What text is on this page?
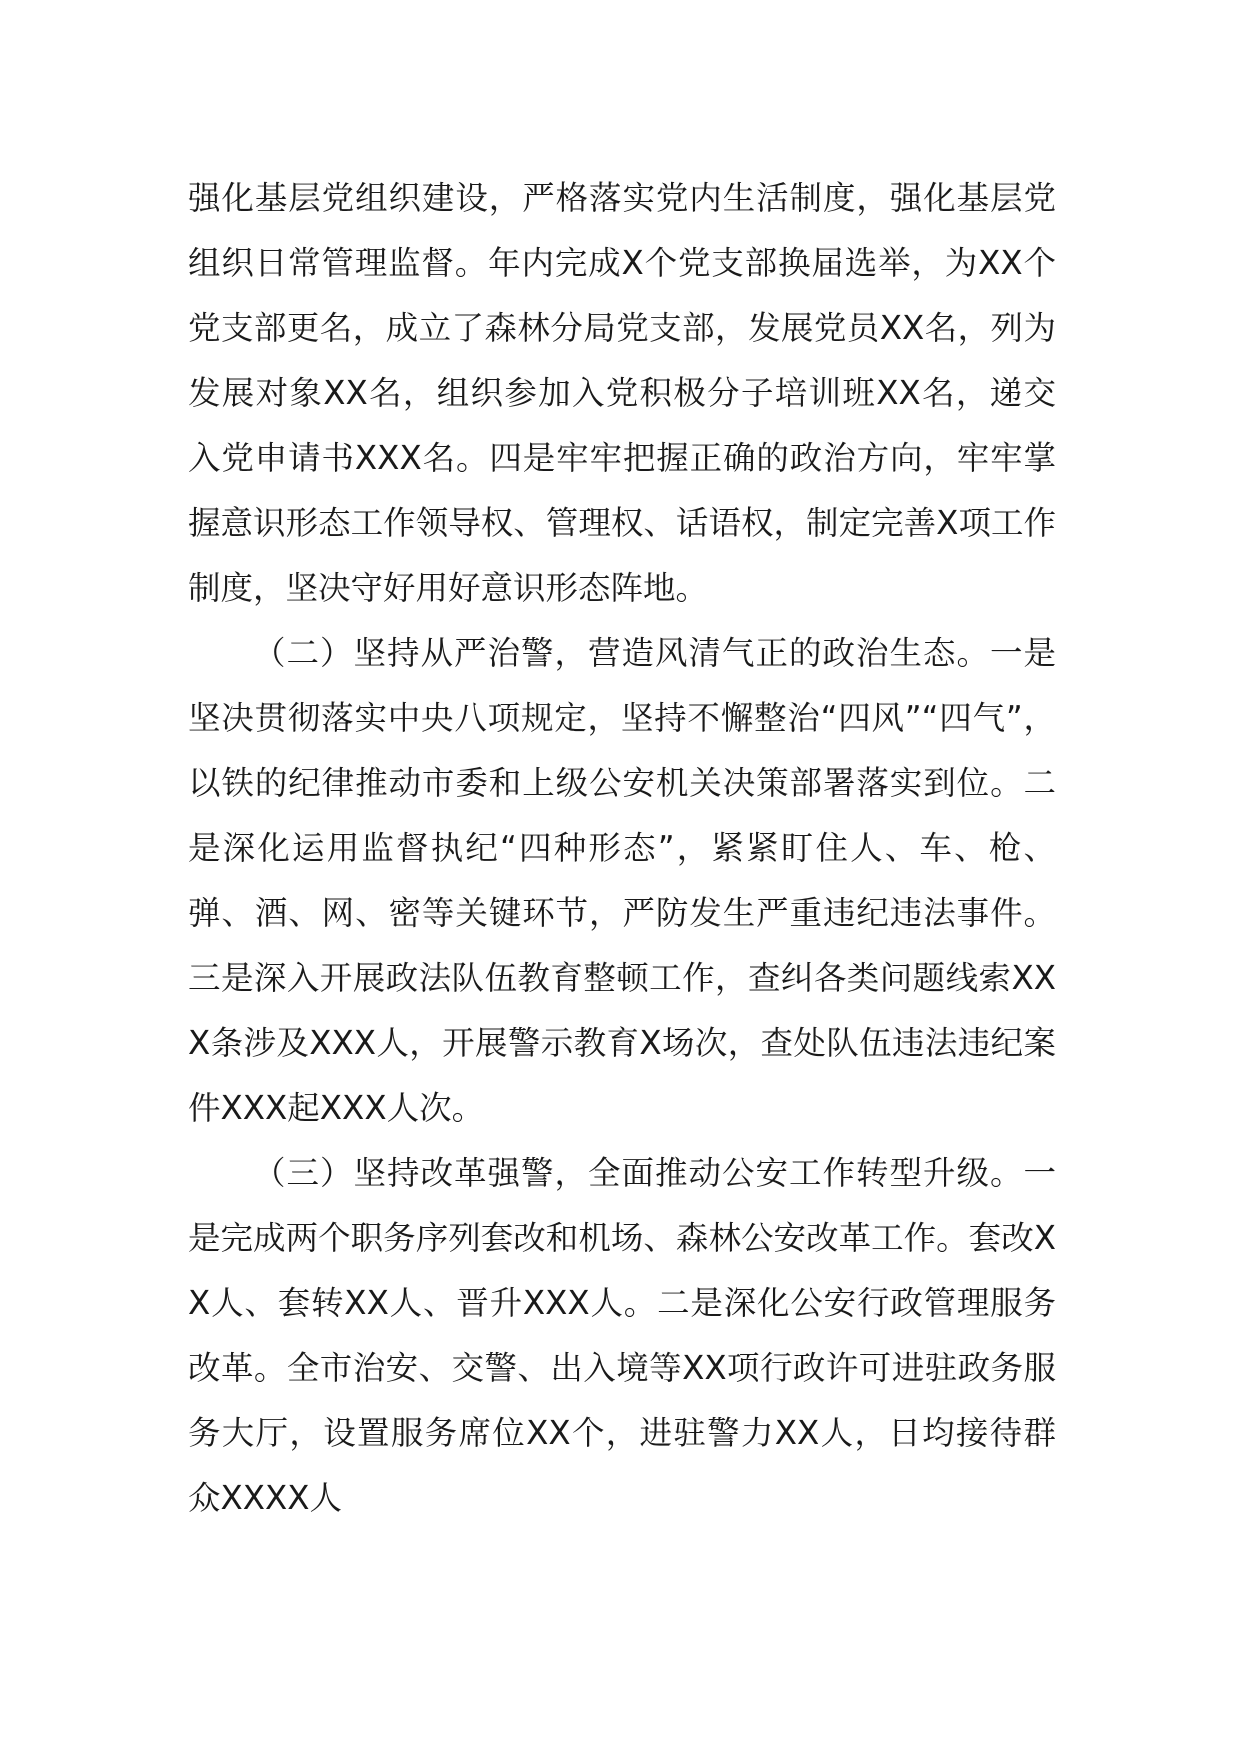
强化基层党组织建设，严格落实党内生活制度，强化基层党组织日常管理监督。年内完成X个党支部换届选举，为XX个党支部更名，成立了森林分局党支部，发展党员XX名，列为发展对象XX名，组织参加入党积极分子培训班XX名，递交入党申请书XXX名。四是牢牢把握正确的政治方向，牢牢掌握意识形态工作领导权、管理权、话语权，制定完善X项工作制度，坚决守好用好意识形态阵地。

（二）坚持从严治警，营造风清气正的政治生态。一是坚决贯彻落实中央八项规定，坚持不懈整治“四风”“四气”，以铁的纪律推动市委和上级公安机关决策部署落实到位。二是深化运用监督执纪“四种形态”，紧紧盯住人、车、枪、弹、酒、网、密等关键环节，严防发生严重违纪违法事件。三是深入开展政法队伍教育整顿工作，查纠各类问题线索XXX条涉及XXX人，开展警示教育X场次，查处队伍违法违纪案件XXX起XXX人次。

（三）坚持改革强警，全面推动公安工作转型升级。一是完成两个职务序列套改和机场、森林公安改革工作。套改XX人、套转XX人、晋升XXX人。二是深化公安行政管理服务改革。全市治安、交警、出入境等XX项行政许可进驻政务服务大厅，设置服务席位XX个，进驻警力XX人，日均接待群众XXXX人
